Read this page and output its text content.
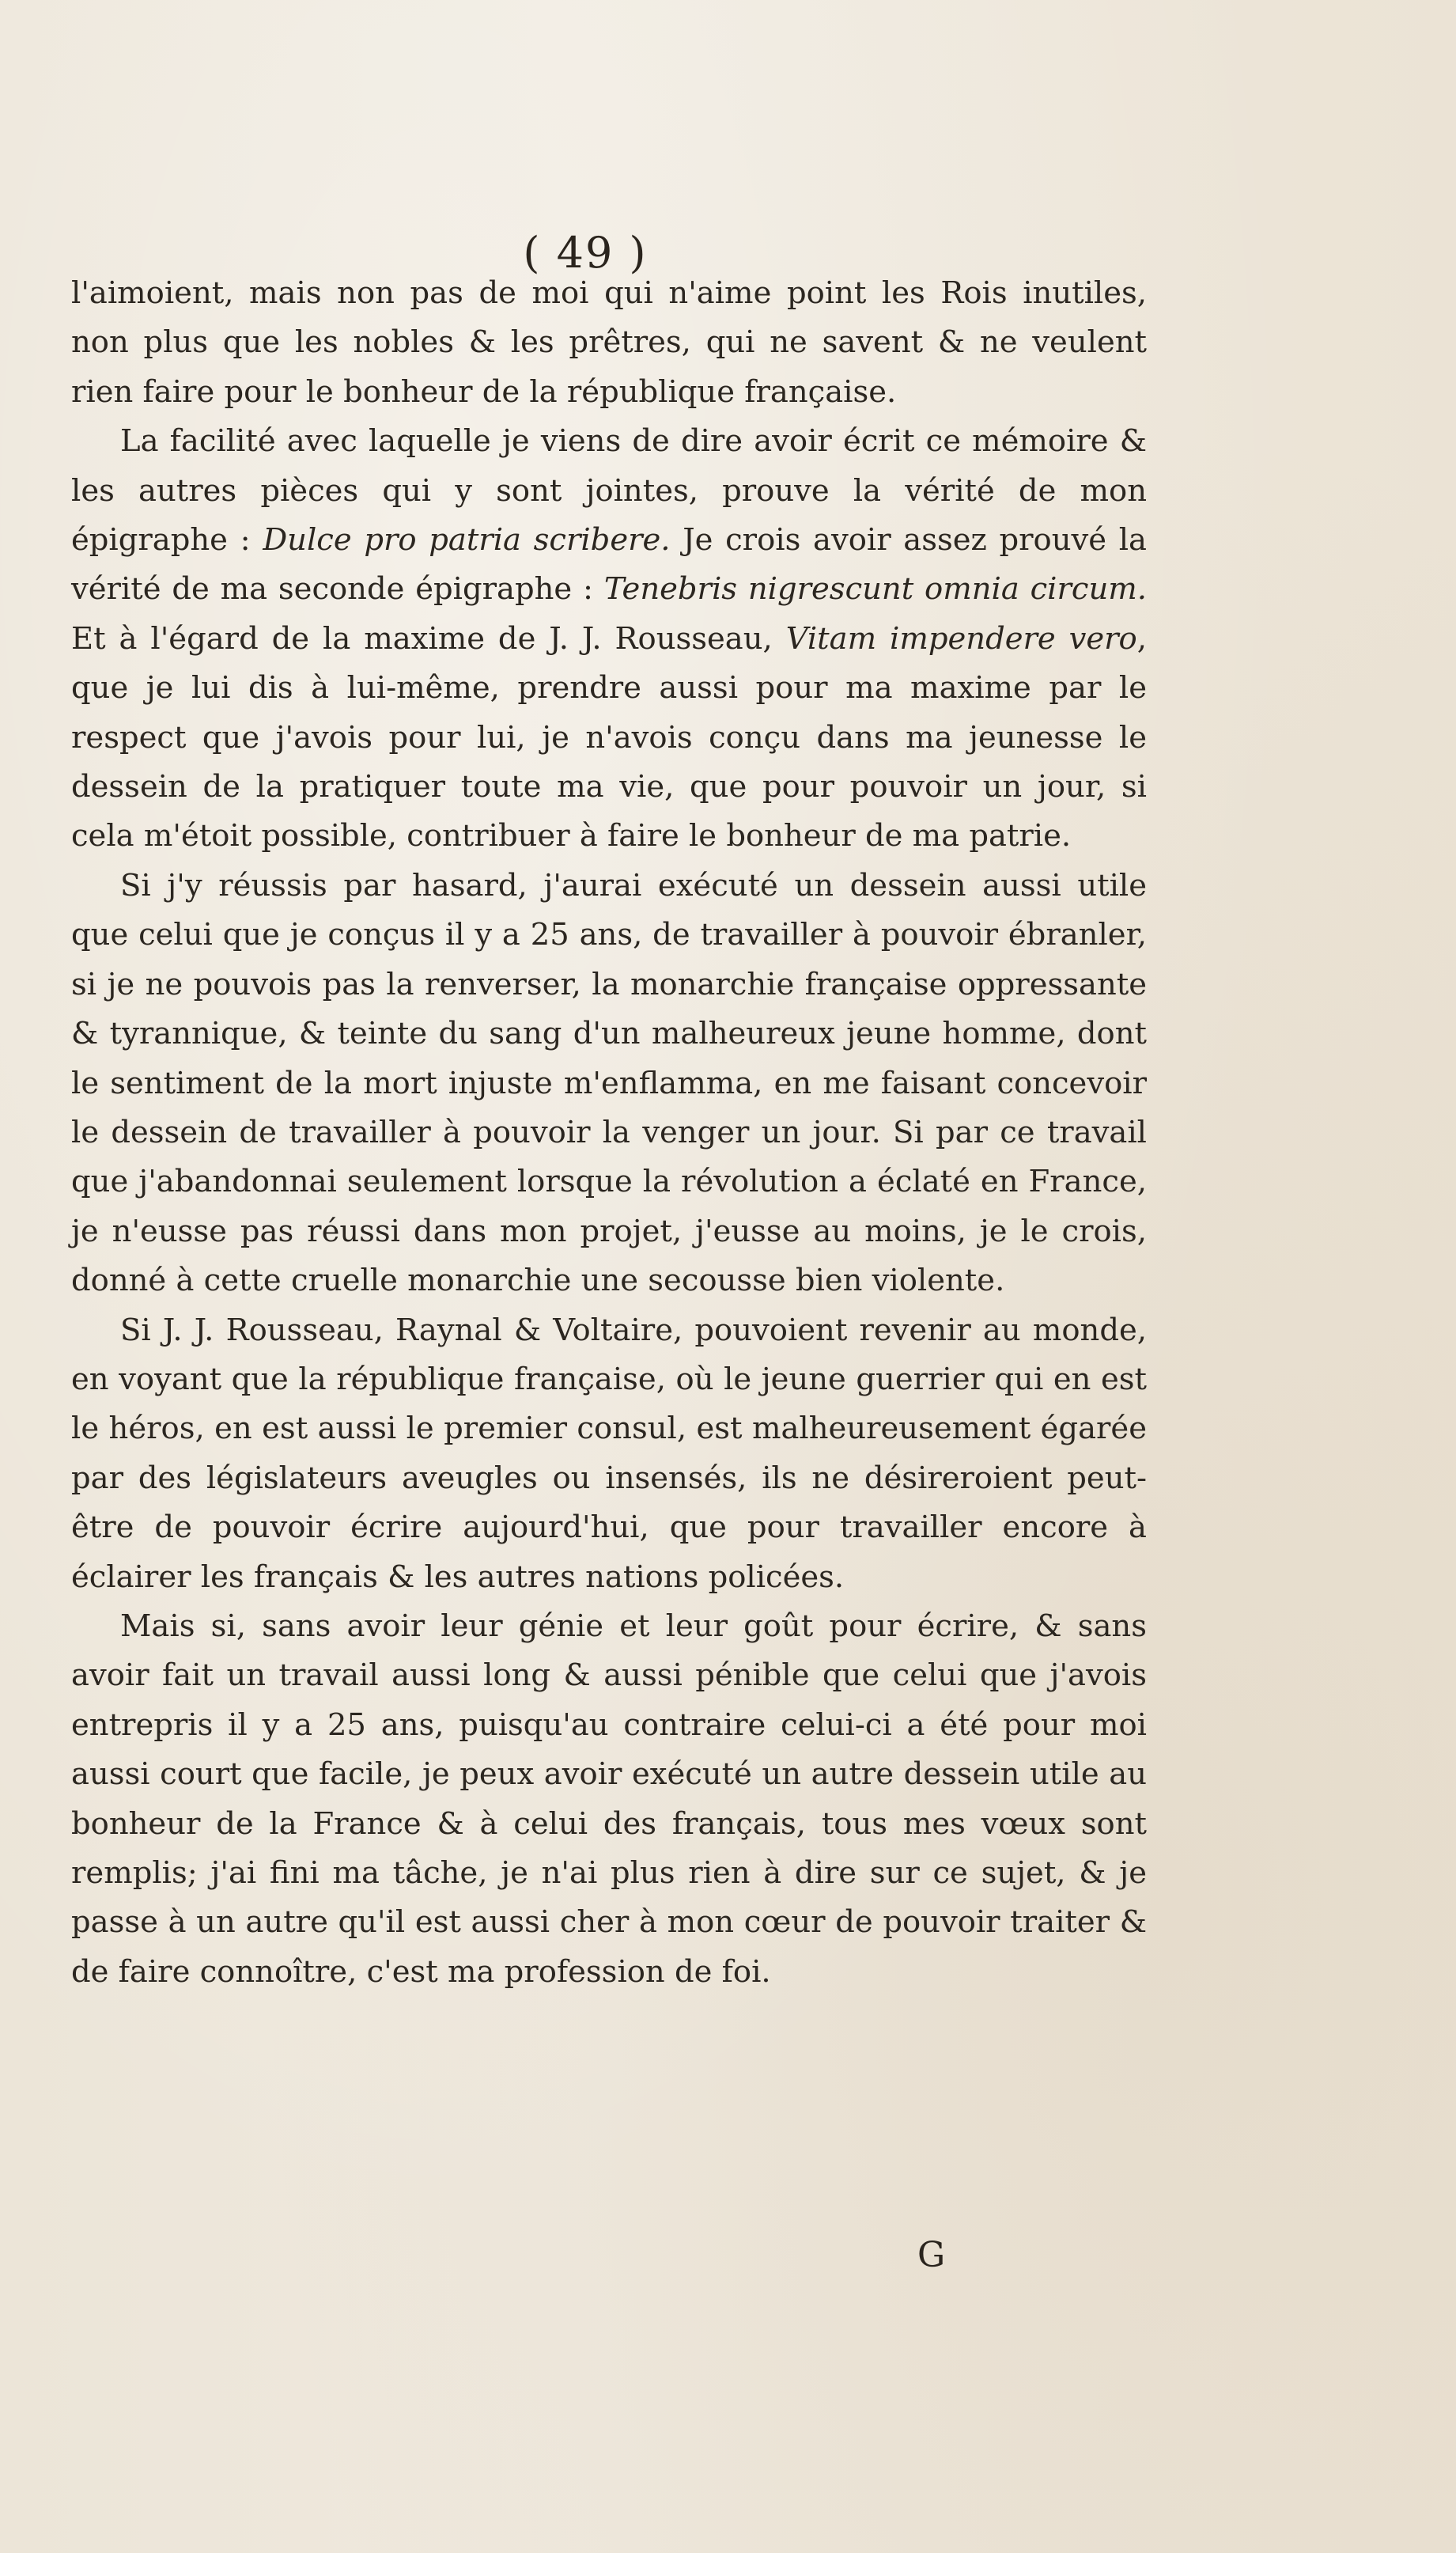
( 49 )

l'aimoient, mais non pas de moi qui n'aime point les Rois inutiles, non plus que les nobles & les prêtres, qui ne savent & ne veulent rien faire pour le bonheur de la république française.

La facilité avec laquelle je viens de dire avoir écrit ce mémoire & les autres pièces qui y sont jointes, prouve la vérité de mon épigraphe : Dulce pro patria scribere. Je crois avoir assez prouvé la vérité de ma seconde épigraphe : Tenebris nigrescunt omnia circum. Et à l'égard de la maxime de J. J. Rousseau, Vitam impendere vero, que je lui dis à lui-même, prendre aussi pour ma maxime par le respect que j'avois pour lui, je n'avois conçu dans ma jeunesse le dessein de la pratiquer toute ma vie, que pour pouvoir un jour, si cela m'étoit possible, contribuer à faire le bonheur de ma patrie.

Si j'y réussis par hasard, j'aurai exécuté un dessein aussi utile que celui que je conçus il y a 25 ans, de travailler à pouvoir ébranler, si je ne pouvois pas la renverser, la monarchie française oppressante & tyrannique, & teinte du sang d'un malheureux jeune homme, dont le sentiment de la mort injuste m'enflamma, en me faisant concevoir le dessein de travailler à pouvoir la venger un jour. Si par ce travail que j'abandonnai seulement lorsque la révolution a éclaté en France, je n'eusse pas réussi dans mon projet, j'eusse au moins, je le crois, donné à cette cruelle monarchie une secousse bien violente.

Si J. J. Rousseau, Raynal & Voltaire, pouvoient revenir au monde, en voyant que la république française, où le jeune guerrier qui en est le héros, en est aussi le premier consul, est malheureusement égarée par des législateurs aveugles ou insensés, ils ne désireroient peut-être de pouvoir écrire aujourd'hui, que pour travailler encore à éclairer les français & les autres nations policées.

Mais si, sans avoir leur génie et leur goût pour écrire, & sans avoir fait un travail aussi long & aussi pénible que celui que j'avois entrepris il y a 25 ans, puisqu'au contraire celui-ci a été pour moi aussi court que facile, je peux avoir exécuté un autre dessein utile au bonheur de la France & à celui des français, tous mes vœux sont remplis; j'ai fini ma tâche, je n'ai plus rien à dire sur ce sujet, & je passe à un autre qu'il est aussi cher à mon cœur de pouvoir traiter & de faire connoître, c'est ma profession de foi.

G
